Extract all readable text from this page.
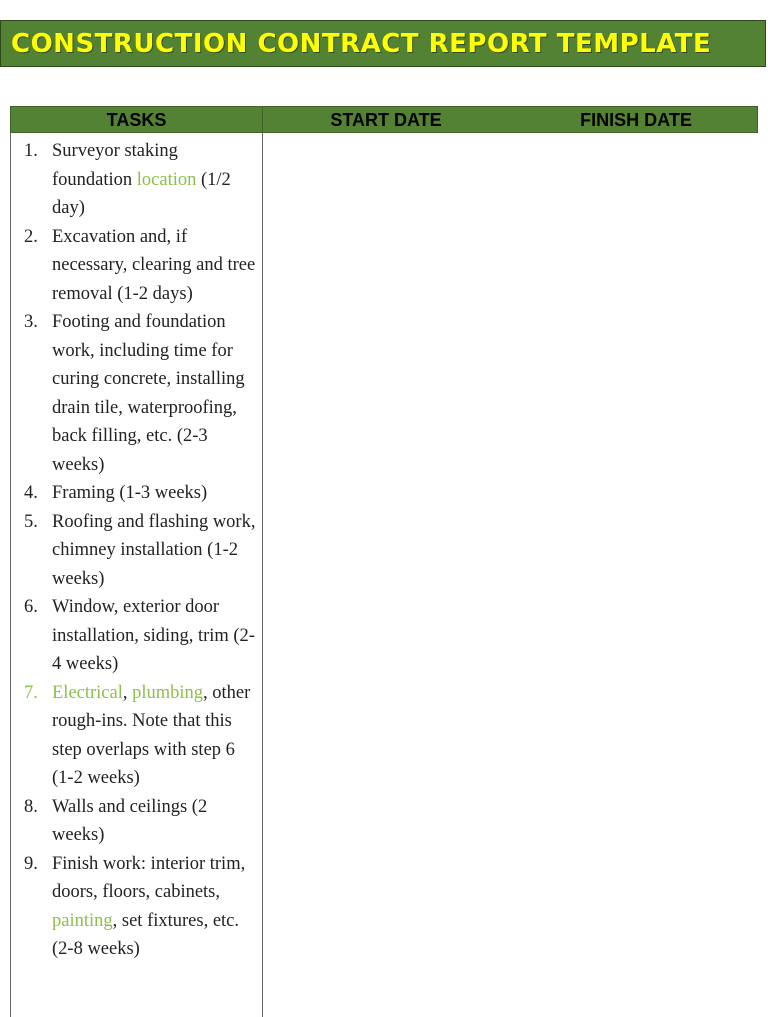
CONSTRUCTION CONTRACT REPORT TEMPLATE
TASKS	START DATE	FINISH DATE
1. Surveyor staking foundation location (1/2 day)
2. Excavation and, if necessary, clearing and tree removal (1-2 days)
3. Footing and foundation work, including time for curing concrete, installing drain tile, waterproofing, back filling, etc. (2-3 weeks)
4. Framing (1-3 weeks)
5. Roofing and flashing work, chimney installation (1-2 weeks)
6. Window, exterior door installation, siding, trim (2-4 weeks)
7. Electrical, plumbing, other rough-ins. Note that this step overlaps with step 6 (1-2 weeks)
8. Walls and ceilings (2 weeks)
9. Finish work: interior trim, doors, floors, cabinets, painting, set fixtures, etc. (2-8 weeks)
